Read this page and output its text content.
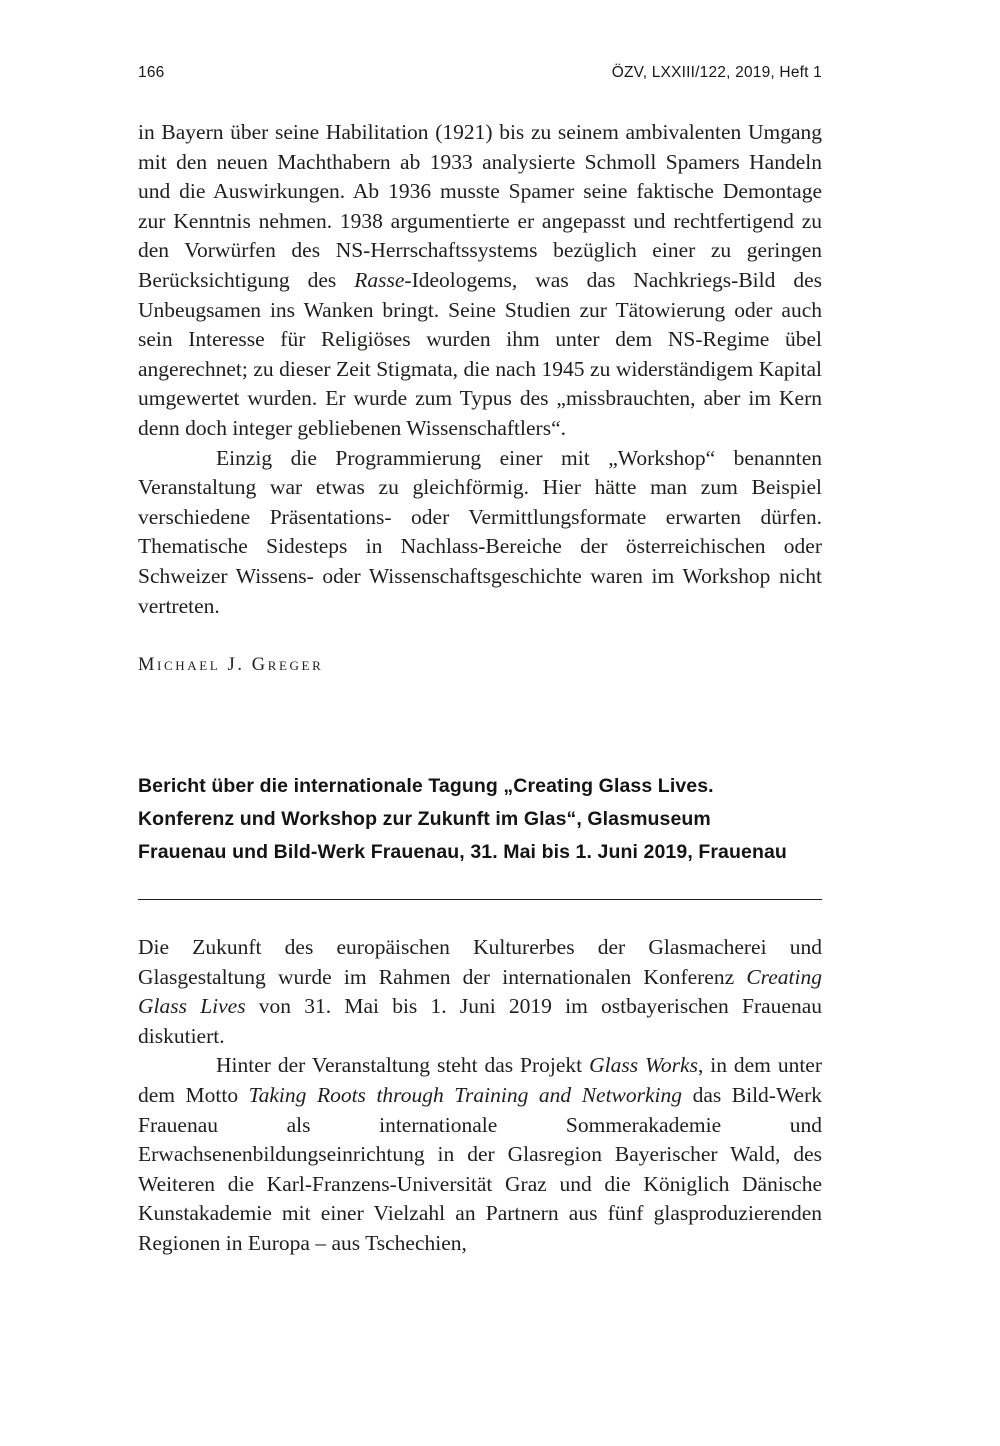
166	ÖZV, LXXIII/122, 2019, Heft 1

in Bayern über seine Habilitation (1921) bis zu seinem ambivalenten Umgang mit den neuen Machthabern ab 1933 analysierte Schmoll Spamers Handeln und die Auswirkungen. Ab 1936 musste Spamer seine faktische Demontage zur Kenntnis nehmen. 1938 argumentierte er angepasst und rechtfertigend zu den Vorwürfen des NS-Herrschaftssystems bezüglich einer zu geringen Berücksichtigung des Rasse-Ideologems, was das Nachkriegs-Bild des Unbeugsamen ins Wanken bringt. Seine Studien zur Tätowierung oder auch sein Interesse für Religiöses wurden ihm unter dem NS-Regime übel angerechnet; zu dieser Zeit Stigmata, die nach 1945 zu widerständigem Kapital umgewertet wurden. Er wurde zum Typus des „missbrauchten, aber im Kern denn doch integer gebliebenen Wissenschaftlers“.

Einzig die Programmierung einer mit „Workshop“ benannten Veranstaltung war etwas zu gleichförmig. Hier hätte man zum Beispiel verschiedene Präsentations- oder Vermittlungsformate erwarten dürfen. Thematische Sidesteps in Nachlass-Bereiche der österreichischen oder Schweizer Wissens- oder Wissenschaftsgeschichte waren im Workshop nicht vertreten.

Michael J. Greger
Bericht über die internationale Tagung „Creating Glass Lives.
Konferenz und Workshop zur Zukunft im Glas“, Glasmuseum
Frauenau und Bild-Werk Frauenau, 31. Mai bis 1. Juni 2019, Frauenau

Die Zukunft des europäischen Kulturerbes der Glasmacherei und Glasgestaltung wurde im Rahmen der internationalen Konferenz Creating Glass Lives von 31. Mai bis 1. Juni 2019 im ostbayerischen Frauenau diskutiert.

Hinter der Veranstaltung steht das Projekt Glass Works, in dem unter dem Motto Taking Roots through Training and Networking das Bild-Werk Frauenau als internationale Sommerakademie und Erwachsenenbildungseinrichtung in der Glasregion Bayerischer Wald, des Weiteren die Karl-Franzens-Universität Graz und die Königlich Dänische Kunstakademie mit einer Vielzahl an Partnern aus fünf glasproduzierenden Regionen in Europa – aus Tschechien,
